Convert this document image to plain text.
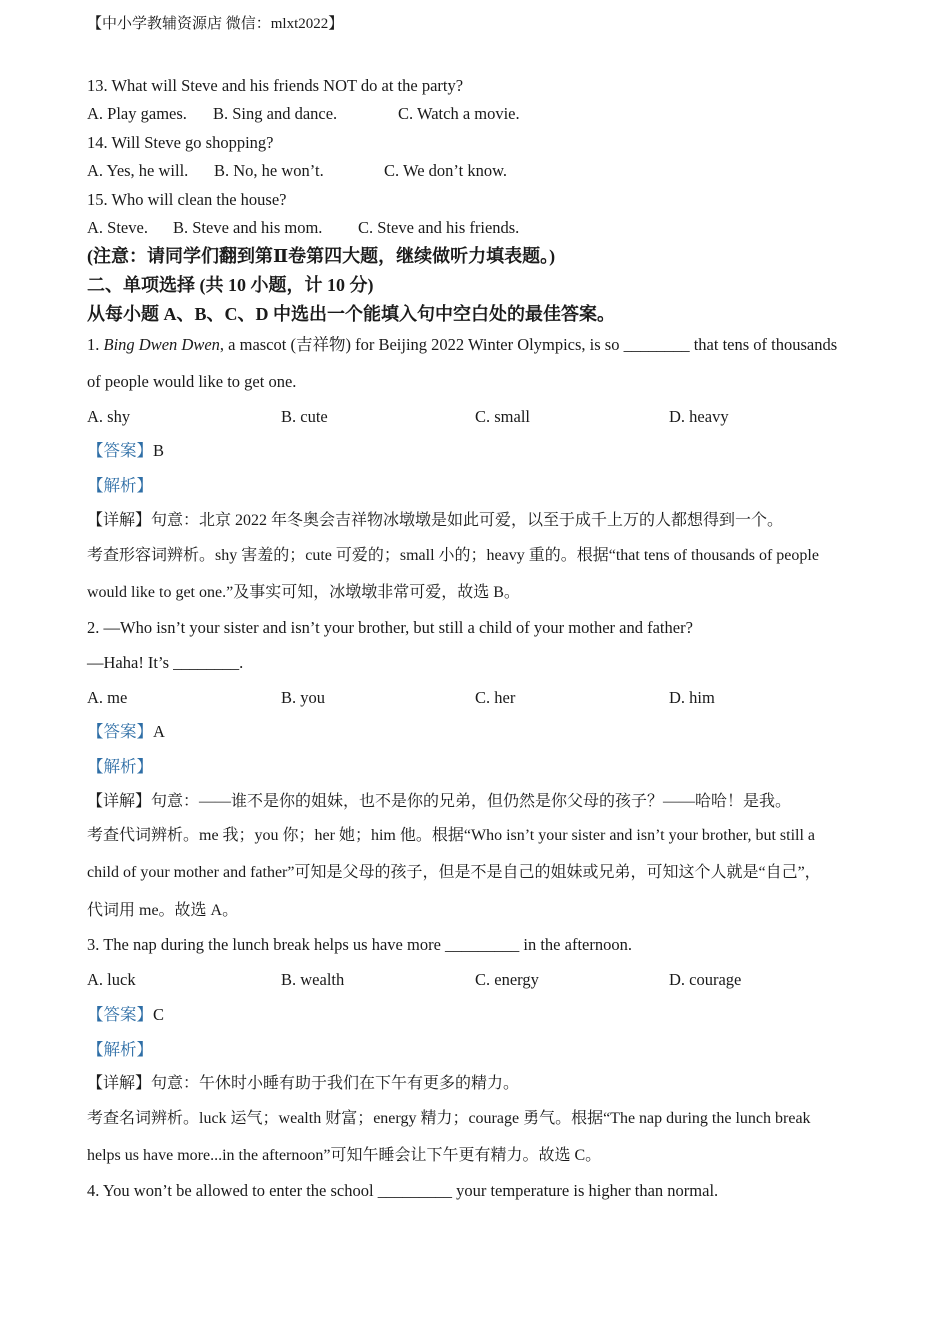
【中小学教辅资源店 微信：mlxt2022】
13. What will Steve and his friends NOT do at the party?
A. Play games. B. Sing and dance.	C. Watch a movie.
14. Will Steve go shopping?
A. Yes, he will. B. No, he won’t.	C. We don’t know.
15. Who will clean the house?
A. Steve. B. Steve and his mom. C. Steve and his friends.
(注意：请同学们翻到第Ⅱ卷第四大题，继续做听力填表题。)
二、单项选择 (共 10 小题，计 10 分)
从每小题 A、B、C、D 中选出一个能填入句中空白处的最佳答案。
1. Bing Dwen Dwen, a mascot (吉祥物) for Beijing 2022 Winter Olympics, is so ________ that tens of thousands
of people would like to get one.
A. shy	B. cute	C. small	D. heavy
【答案】B
【解析】
【详解】句意：北京 2022 年冬奥会吉祥物冰墩墩是如此可爱，以至于成千上万的人都想得到一个。
考查形容词辨析。shy 害羞的；cute 可爱的；small 小的；heavy 重的。根据“that tens of thousands of people
would like to get one.”及事实可知，冰墩墩非常可爱，故选 B。
2. —Who isn’t your sister and isn’t your brother, but still a child of your mother and father?
—Haha! It’s ________.
A. me	B. you	C. her	D. him
【答案】A
【解析】
【详解】句意：——谁不是你的姐妹，也不是你的兄弟，但仍然是你父母的孩子？——哈哈！是我。
考查代词辨析。me 我；you 你；her 她；him 他。根据“Who isn’t your sister and isn’t your brother, but still a
child of your mother and father”可知是父母的孩子，但是不是自己的姐妹或兄弟，可知这个人就是“自己”，
代词用 me。故选 A。
3. The nap during the lunch break helps us have more _________ in the afternoon.
A. luck	B. wealth	C. energy	D. courage
【答案】C
【解析】
【详解】句意：午休时小睡有助于我们在下午有更多的精力。
考查名词辨析。luck 运气；wealth 财富；energy 精力；courage 勇气。根据“The nap during the lunch break
helps us have more...in the afternoon”可知午睡会让下午更有精力。故选 C。
4. You won’t be allowed to enter the school _________ your temperature is higher than normal.
